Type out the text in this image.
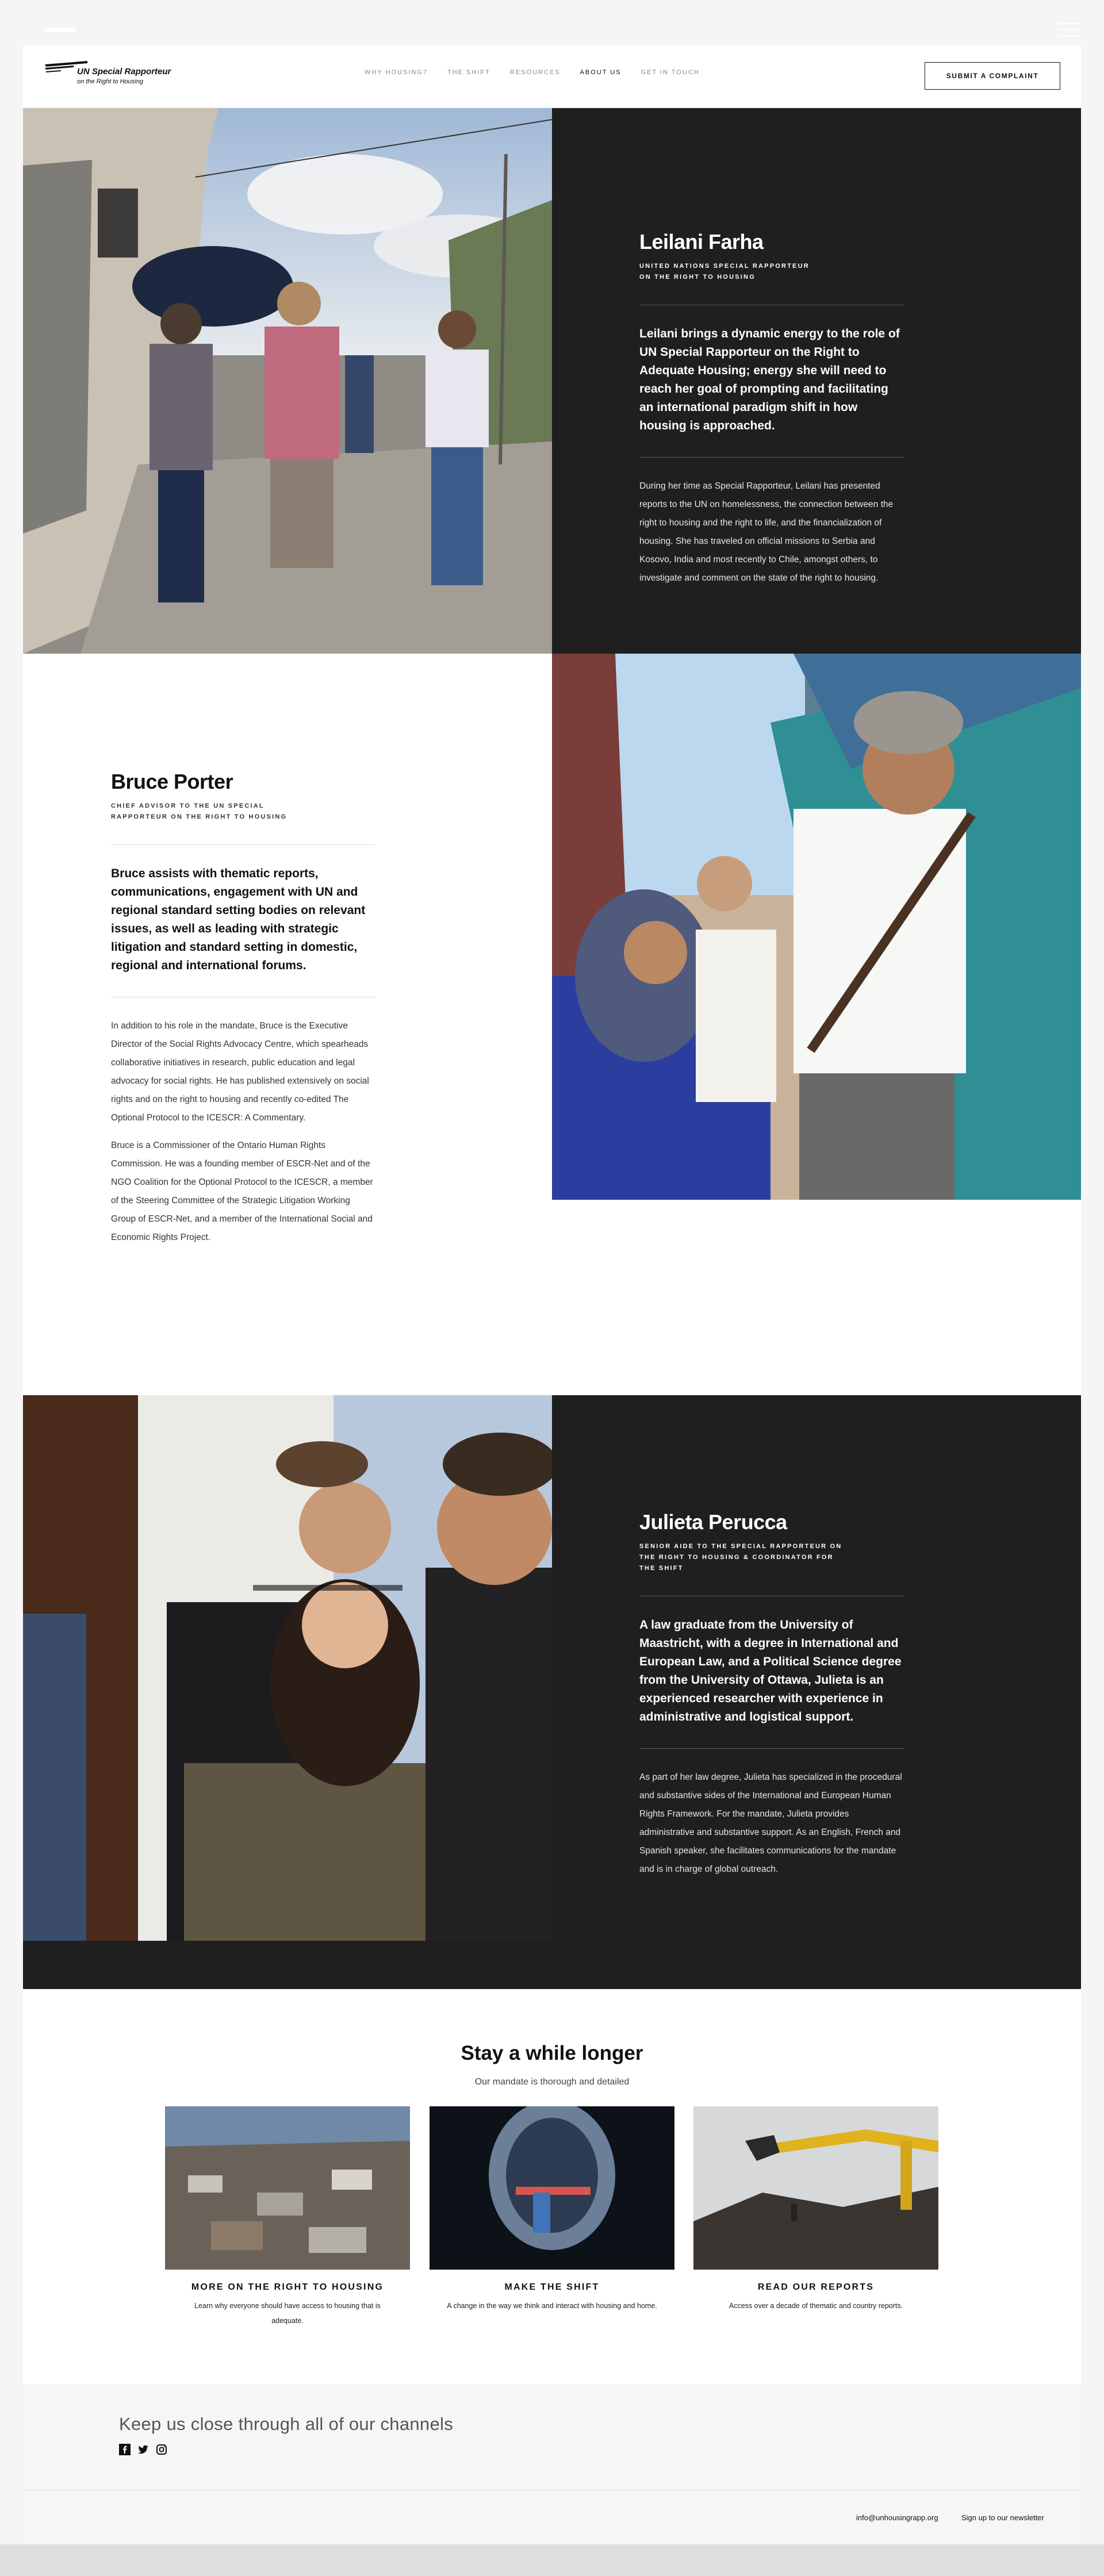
UN Special Rapporteur
on the Right to Housing
WHY HOUSING?	THE SHIFT	RESOURCES	ABOUT US	GET IN TOUCH	SUBMIT A COMPLAINT
Leilani Farha
UNITED NATIONS SPECIAL RAPPORTEUR
ON THE RIGHT TO HOUSING
Leilani brings a dynamic energy to the role of UN Special Rapporteur on the Right to Adequate Housing; energy she will need to reach her goal of prompting and facilitating an international paradigm shift in how housing is approached.
During her time as Special Rapporteur, Leilani has presented reports to the UN on homelessness, the connection between the right to housing and the right to life, and the financialization of housing. She has traveled on official missions to Serbia and Kosovo, India and most recently to Chile, amongst others, to investigate and comment on the state of the right to housing.
Bruce Porter
CHIEF ADVISOR TO THE UN SPECIAL
RAPPORTEUR ON THE RIGHT TO HOUSING
Bruce assists with thematic reports, communications, engagement with UN and regional standard setting bodies on relevant issues, as well as leading with strategic litigation and standard setting in domestic, regional and international forums.
In addition to his role in the mandate, Bruce is the Executive Director of the Social Rights Advocacy Centre, which spearheads collaborative initiatives in research, public education and legal advocacy for social rights. He has published extensively on social rights and on the right to housing and recently co-edited The Optional Protocol to the ICESCR: A Commentary.
Bruce is a Commissioner of the Ontario Human Rights Commission. He was a founding member of ESCR-Net and of the NGO Coalition for the Optional Protocol to the ICESCR, a member of the Steering Committee of the Strategic Litigation Working Group of ESCR-Net, and a member of the International Social and Economic Rights Project.
Julieta Perucca
SENIOR AIDE TO THE SPECIAL RAPPORTEUR ON
THE RIGHT TO HOUSING & COORDINATOR FOR
THE SHIFT
A law graduate from the University of Maastricht, with a degree in International and European Law, and a Political Science degree from the University of Ottawa, Julieta is an experienced researcher with experience in administrative and logistical support.
As part of her law degree, Julieta has specialized in the procedural and substantive sides of the International and European Human Rights Framework. For the mandate, Julieta provides administrative and substantive support. As an English, French and Spanish speaker, she facilitates communications for the mandate and is in charge of global outreach.
Stay a while longer
Our mandate is thorough and detailed
MORE ON THE RIGHT TO HOUSING
Learn why everyone should have access to housing that is adequate.
MAKE THE SHIFT
A change in the way we think and interact with housing and home.
READ OUR REPORTS
Access over a decade of thematic and country reports.
Keep us close through all of our channels
info@unhousingrapp.org	Sign up to our newsletter
